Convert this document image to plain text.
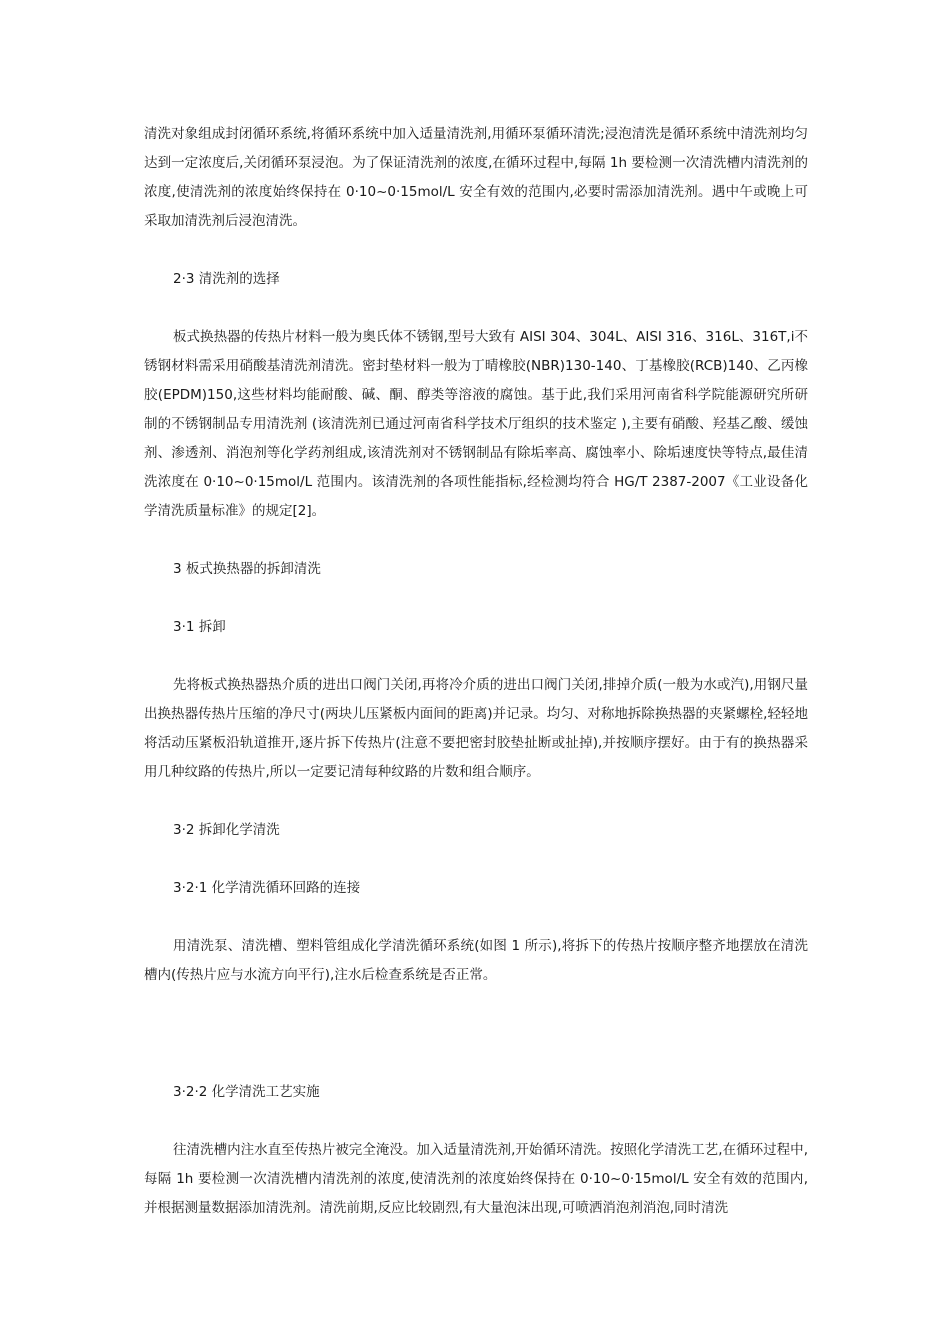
清洗对象组成封闭循环系统,将循环系统中加入适量清洗剂,用循环泵循环清洗;浸泡清洗是循环系统中清洗剂均匀达到一定浓度后,关闭循环泵浸泡。为了保证清洗剂的浓度,在循环过程中,每隔 1h 要检测一次清洗槽内清洗剂的浓度,使清洗剂的浓度始终保持在 0·10~0·15mol/L 安全有效的范围内,必要时需添加清洗剂。遇中午或晚上可采取加清洗剂后浸泡清洗。

2·3 清洗剂的选择

板式换热器的传热片材料一般为奥氏体不锈钢,型号大致有 AISI 304、304L、AISI 316、316L、316T,i不锈钢材料需采用硝酸基清洗剂清洗。密封垫材料一般为丁晴橡胶(NBR)130-140、丁基橡胶(RCB)140、乙丙橡胶(EPDM)150,这些材料均能耐酸、碱、酮、醇类等溶液的腐蚀。基于此,我们采用河南省科学院能源研究所研制的不锈钢制品专用清洗剂 (该清洗剂已通过河南省科学技术厅组织的技术鉴定 ),主要有硝酸、羟基乙酸、缓蚀剂、渗透剂、消泡剂等化学药剂组成,该清洗剂对不锈钢制品有除垢率高、腐蚀率小、除垢速度快等特点,最佳清洗浓度在 0·10~0·15mol/L 范围内。该清洗剂的各项性能指标,经检测均符合 HG/T 2387-2007《工业设备化学清洗质量标准》的规定[2]。

3 板式换热器的拆卸清洗
3·1 拆卸

先将板式换热器热介质的进出口阀门关闭,再将冷介质的进出口阀门关闭,排掉介质(一般为水或汽),用钢尺量出换热器传热片压缩的净尺寸(两块儿压紧板内面间的距离)并记录。均匀、对称地拆除换热器的夹紧螺栓,轻轻地将活动压紧板沿轨道推开,逐片拆下传热片(注意不要把密封胶垫扯断或扯掉),并按顺序摆好。由于有的换热器采用几种纹路的传热片,所以一定要记清每种纹路的片数和组合顺序。

3·2 拆卸化学清洗
3·2·1 化学清洗循环回路的连接

用清洗泵、清洗槽、塑料管组成化学清洗循环系统(如图 1 所示),将拆下的传热片按顺序整齐地摆放在清洗槽内(传热片应与水流方向平行),注水后检查系统是否正常。

3·2·2 化学清洗工艺实施

往清洗槽内注水直至传热片被完全淹没。加入适量清洗剂,开始循环清洗。按照化学清洗工艺,在循环过程中,每隔 1h 要检测一次清洗槽内清洗剂的浓度,使清洗剂的浓度始终保持在 0·10~0·15mol/L 安全有效的范围内,并根据测量数据添加清洗剂。清洗前期,反应比较剧烈,有大量泡沫出现,可喷洒消泡剂消泡,同时清洗
